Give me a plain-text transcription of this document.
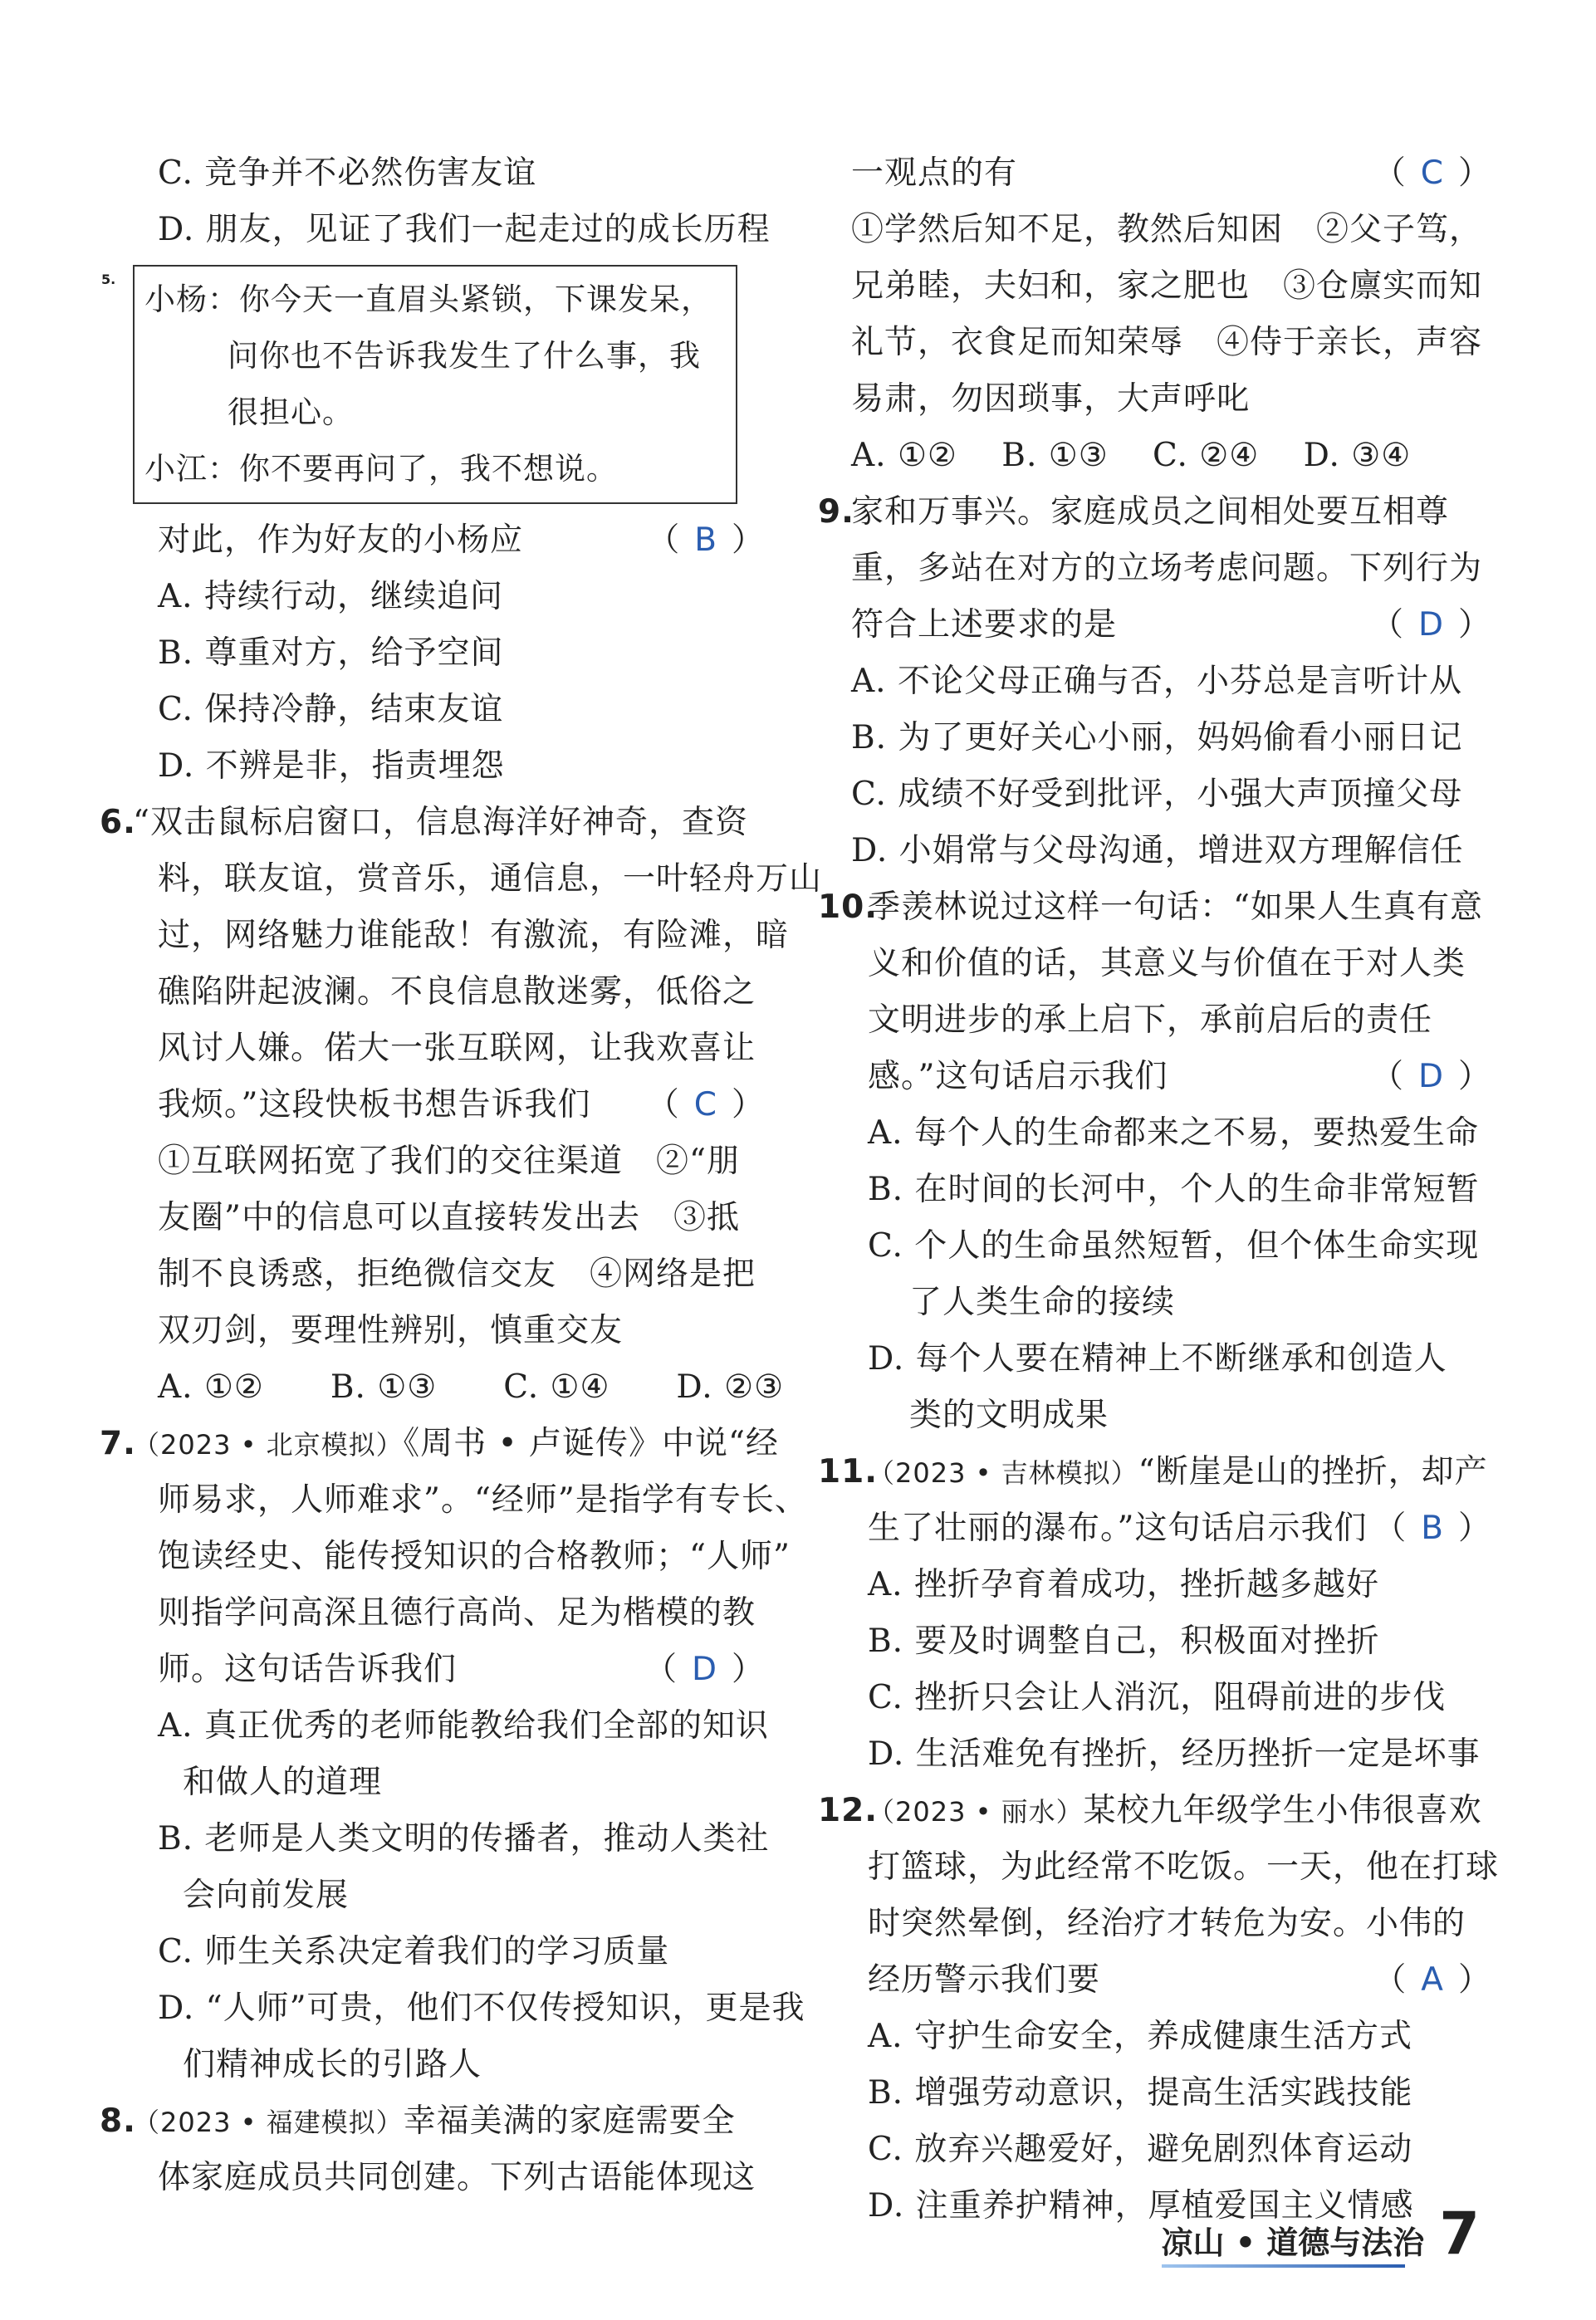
C. 竞争并不必然伤害友谊
D. 朋友，见证了我们一起走过的成长历程
5.
小杨：你今天一直眉头紧锁，下课发呆，
问你也不告诉我发生了什么事，我
很担心。
小江：你不要再问了，我不想说。
对此，作为好友的小杨应	（ B ）
A. 持续行动，继续追问
B. 尊重对方，给予空间
C. 保持冷静，结束友谊
D. 不辨是非，指责埋怨
6.
“双击鼠标启窗口，信息海洋好神奇，查资
料，联友谊，赏音乐，通信息，一叶轻舟万山
过，网络魅力谁能敌！有激流，有险滩，暗
礁陷阱起波澜。不良信息散迷雾，低俗之
风讨人嫌。偌大一张互联网，让我欢喜让
我烦。”这段快板书想告诉我们 （ C ）
①互联网拓宽了我们的交往渠道　②“朋
友圈”中的信息可以直接转发出去　③抵
制不良诱惑，拒绝微信交友　④网络是把
双刃剑，要理性辨别，慎重交友
A. ①②　　B. ①③　　C. ①④　　D. ②③
7.
（2023 • 北京模拟）《周书 • 卢诞传》中说“经
师易求，人师难求”。“经师”是指学有专长、
饱读经史、能传授知识的合格教师；“人师”
则指学问高深且德行高尚、足为楷模的教
师。这句话告诉我们	（ D ）
A. 真正优秀的老师能教给我们全部的知识
和做人的道理
B. 老师是人类文明的传播者，推动人类社
会向前发展
C. 师生关系决定着我们的学习质量
D. “人师”可贵，他们不仅传授知识，更是我
们精神成长的引路人
8.
（2023 • 福建模拟）幸福美满的家庭需要全
体家庭成员共同创建。下列古语能体现这
一观点的有	（ C ）
①学然后知不足，教然后知困　②父子笃，
兄弟睦，夫妇和，家之肥也　③仓廪实而知
礼节，衣食足而知荣辱　④侍于亲长，声容
易肃，勿因琐事，大声呼叱
A. ①②　 B. ①③　 C. ②④　 D. ③④
9.
家和万事兴。家庭成员之间相处要互相尊
重，多站在对方的立场考虑问题。下列行为
符合上述要求的是	（ D ）
A. 不论父母正确与否，小芬总是言听计从
B. 为了更好关心小丽，妈妈偷看小丽日记
C. 成绩不好受到批评，小强大声顶撞父母
D. 小娟常与父母沟通，增进双方理解信任
10.
季羡林说过这样一句话：“如果人生真有意
义和价值的话，其意义与价值在于对人类
文明进步的承上启下，承前启后的责任
感。”这句话启示我们	（ D ）
A. 每个人的生命都来之不易，要热爱生命
B. 在时间的长河中，个人的生命非常短暂
C. 个人的生命虽然短暂，但个体生命实现
了人类生命的接续
D. 每个人要在精神上不断继承和创造人
类的文明成果
11.
（2023 • 吉林模拟）“断崖是山的挫折，却产
生了壮丽的瀑布。”这句话启示我们 （ B ）
A. 挫折孕育着成功，挫折越多越好
B. 要及时调整自己，积极面对挫折
C. 挫折只会让人消沉，阻碍前进的步伐
D. 生活难免有挫折，经历挫折一定是坏事
12.
（2023 • 丽水）某校九年级学生小伟很喜欢
打篮球，为此经常不吃饭。一天，他在打球
时突然晕倒，经治疗才转危为安。小伟的
经历警示我们要	（ A ）
A. 守护生命安全，养成健康生活方式
B. 增强劳动意识，提高生活实践技能
C. 放弃兴趣爱好，避免剧烈体育运动
D. 注重养护精神，厚植爱国主义情感
凉山 • 道德与法治 7
